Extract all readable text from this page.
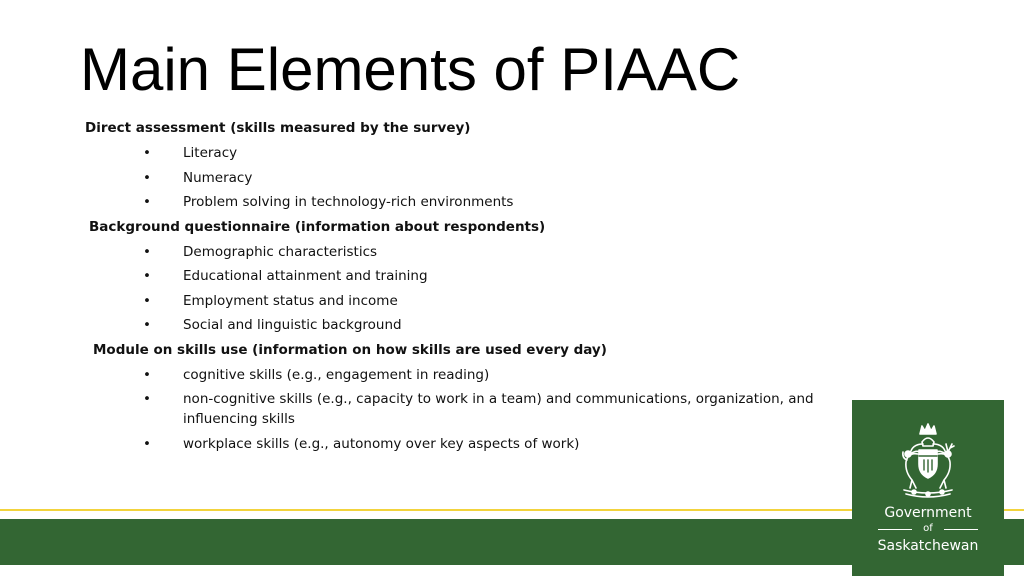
Main Elements of PIAAC
Direct assessment (skills measured by the survey)
• Literacy
• Numeracy
• Problem solving in technology-rich environments
Background questionnaire (information about respondents)
• Demographic characteristics
• Educational attainment and training
• Employment status and income
• Social and linguistic background
Module on skills use (information on how skills are used every day)
• cognitive skills (e.g., engagement in reading)
• non-cognitive skills (e.g., capacity to work in a team) and communications, organization, and influencing skills
• workplace skills (e.g., autonomy over key aspects of work)
Government
of
Saskatchewan
